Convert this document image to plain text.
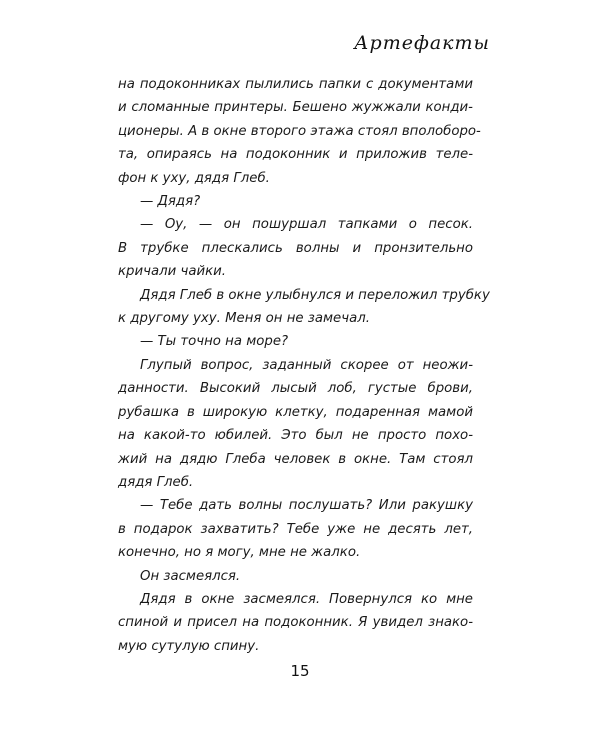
Артефакты
на подоконниках пылились папки с документами
и сломанные принтеры. Бешено жужжали конди-
ционеры. А в окне второго этажа стоял вполоборо-
та, опираясь на подоконник и приложив теле-
фон к уху, дядя Глеб.
— Дядя?
— Оу, — он пошуршал тапками о песок.
В трубке плескались волны и пронзительно
кричали чайки.
Дядя Глеб в окне улыбнулся и переложил трубку
к другому уху. Меня он не замечал.
— Ты точно на море?
Глупый вопрос, заданный скорее от неожи-
данности. Высокий лысый лоб, густые брови,
рубашка в широкую клетку, подаренная мамой
на какой-то юбилей. Это был не просто похо-
жий на дядю Глеба человек в окне. Там стоял
дядя Глеб.
— Тебе дать волны послушать? Или ракушку
в подарок захватить? Тебе уже не десять лет,
конечно, но я могу, мне не жалко.
Он засмеялся.
Дядя в окне засмеялся. Повернулся ко мне
спиной и присел на подоконник. Я увидел знако-
мую сутулую спину.
15
